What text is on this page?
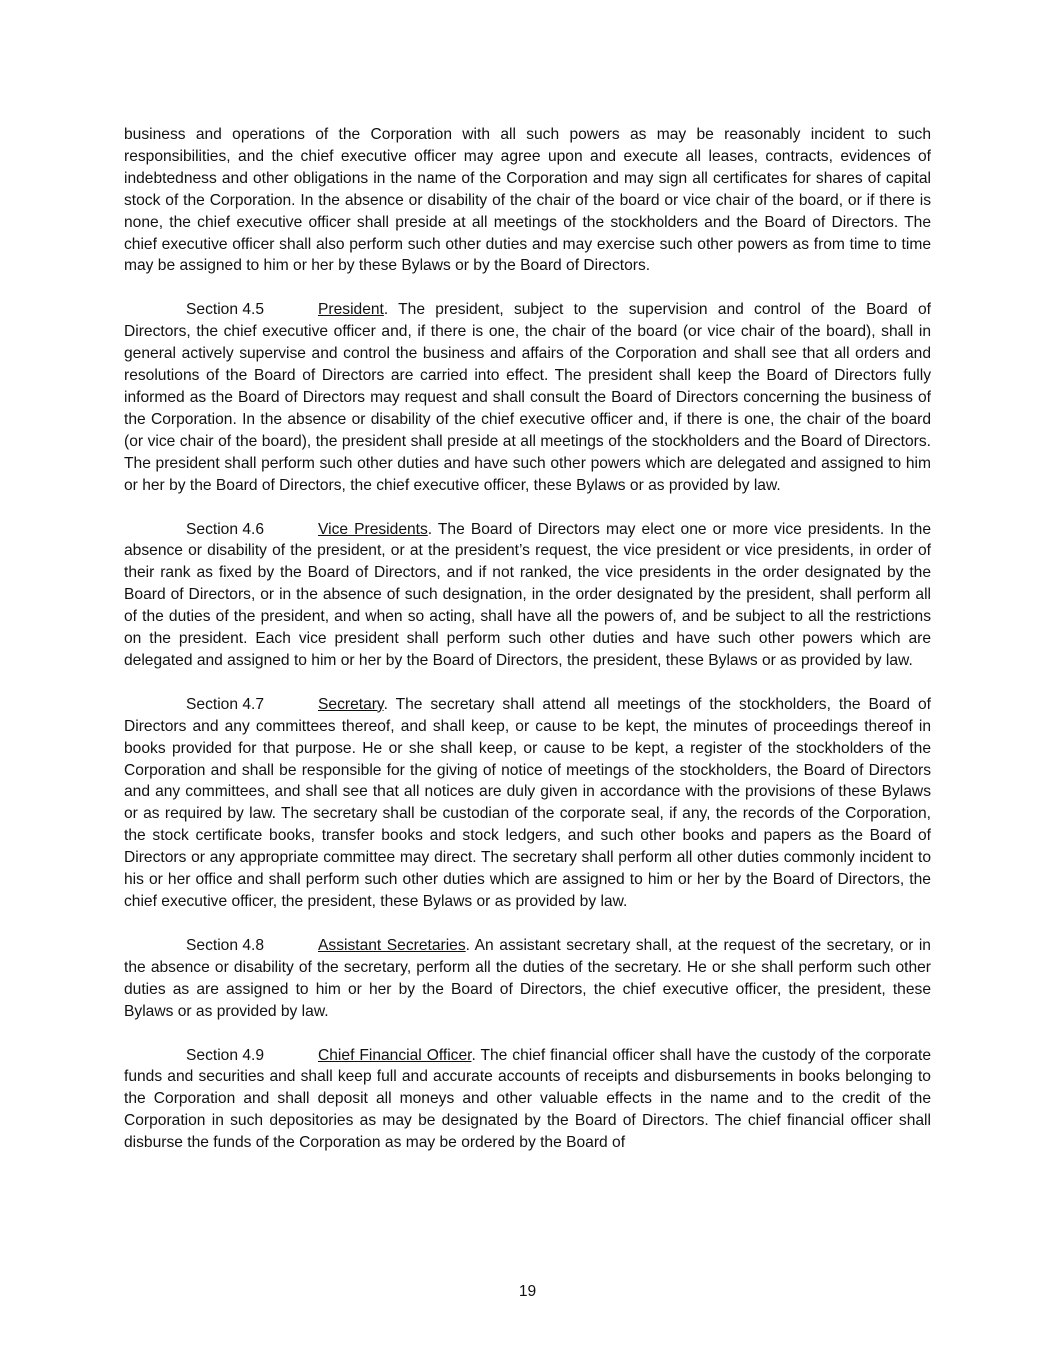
business and operations of the Corporation with all such powers as may be reasonably incident to such responsibilities, and the chief executive officer may agree upon and execute all leases, contracts, evidences of indebtedness and other obligations in the name of the Corporation and may sign all certificates for shares of capital stock of the Corporation. In the absence or disability of the chair of the board or vice chair of the board, or if there is none, the chief executive officer shall preside at all meetings of the stockholders and the Board of Directors. The chief executive officer shall also perform such other duties and may exercise such other powers as from time to time may be assigned to him or her by these Bylaws or by the Board of Directors.

Section 4.5	President. The president, subject to the supervision and control of the Board of Directors, the chief executive officer and, if there is one, the chair of the board (or vice chair of the board), shall in general actively supervise and control the business and affairs of the Corporation and shall see that all orders and resolutions of the Board of Directors are carried into effect. The president shall keep the Board of Directors fully informed as the Board of Directors may request and shall consult the Board of Directors concerning the business of the Corporation. In the absence or disability of the chief executive officer and, if there is one, the chair of the board (or vice chair of the board), the president shall preside at all meetings of the stockholders and the Board of Directors. The president shall perform such other duties and have such other powers which are delegated and assigned to him or her by the Board of Directors, the chief executive officer, these Bylaws or as provided by law.

Section 4.6	Vice Presidents. The Board of Directors may elect one or more vice presidents. In the absence or disability of the president, or at the president’s request, the vice president or vice presidents, in order of their rank as fixed by the Board of Directors, and if not ranked, the vice presidents in the order designated by the Board of Directors, or in the absence of such designation, in the order designated by the president, shall perform all of the duties of the president, and when so acting, shall have all the powers of, and be subject to all the restrictions on the president. Each vice president shall perform such other duties and have such other powers which are delegated and assigned to him or her by the Board of Directors, the president, these Bylaws or as provided by law.

Section 4.7	Secretary. The secretary shall attend all meetings of the stockholders, the Board of Directors and any committees thereof, and shall keep, or cause to be kept, the minutes of proceedings thereof in books provided for that purpose. He or she shall keep, or cause to be kept, a register of the stockholders of the Corporation and shall be responsible for the giving of notice of meetings of the stockholders, the Board of Directors and any committees, and shall see that all notices are duly given in accordance with the provisions of these Bylaws or as required by law. The secretary shall be custodian of the corporate seal, if any, the records of the Corporation, the stock certificate books, transfer books and stock ledgers, and such other books and papers as the Board of Directors or any appropriate committee may direct. The secretary shall perform all other duties commonly incident to his or her office and shall perform such other duties which are assigned to him or her by the Board of Directors, the chief executive officer, the president, these Bylaws or as provided by law.

Section 4.8	Assistant Secretaries. An assistant secretary shall, at the request of the secretary, or in the absence or disability of the secretary, perform all the duties of the secretary. He or she shall perform such other duties as are assigned to him or her by the Board of Directors, the chief executive officer, the president, these Bylaws or as provided by law.

Section 4.9	Chief Financial Officer. The chief financial officer shall have the custody of the corporate funds and securities and shall keep full and accurate accounts of receipts and disbursements in books belonging to the Corporation and shall deposit all moneys and other valuable effects in the name and to the credit of the Corporation in such depositories as may be designated by the Board of Directors. The chief financial officer shall disburse the funds of the Corporation as may be ordered by the Board of

19
